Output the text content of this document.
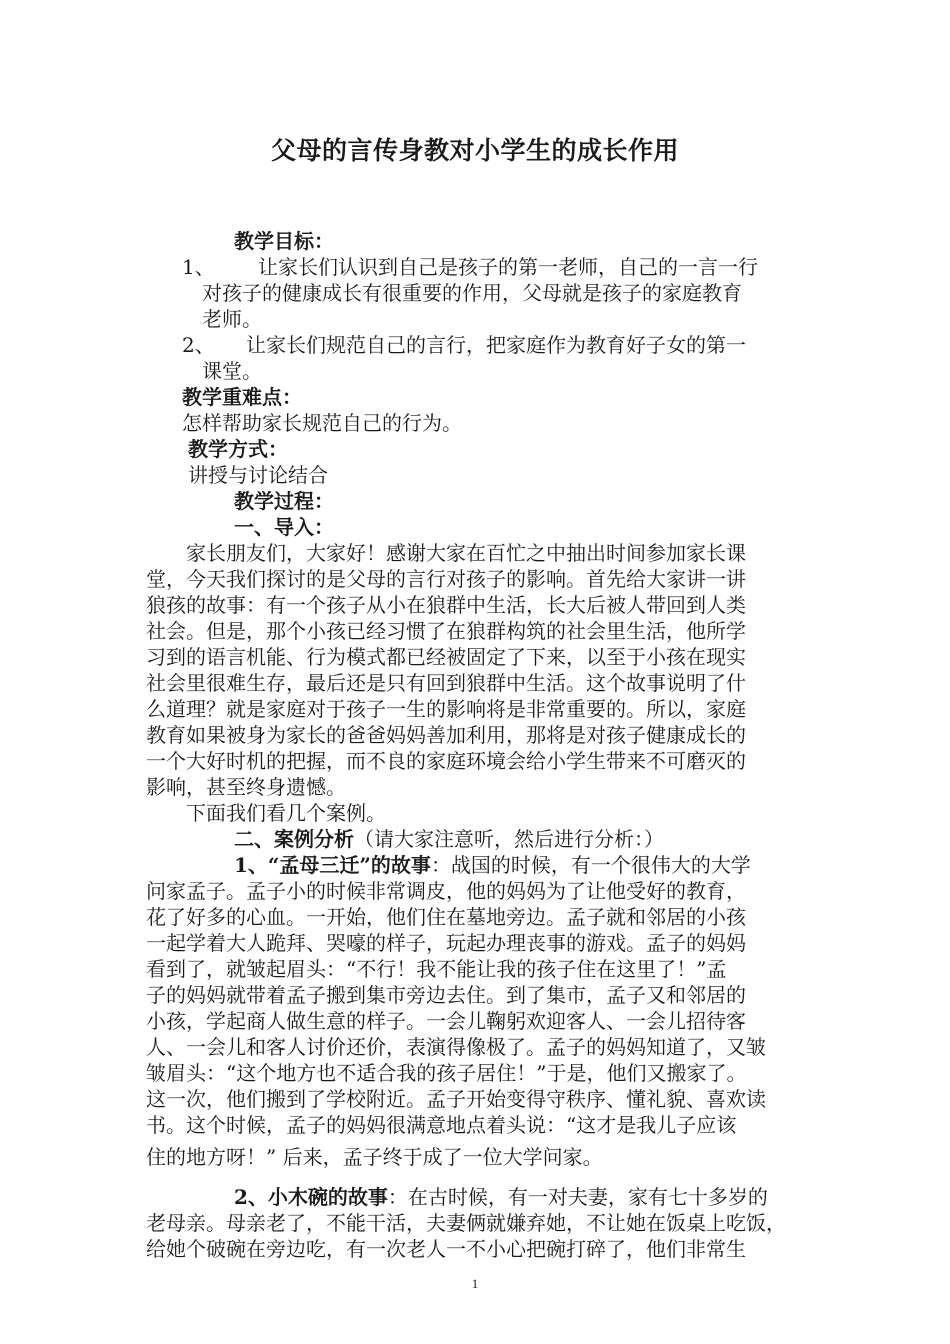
父母的言传身教对小学生的成长作用
教学目标：
1、 让家长们认识到自己是孩子的第一老师，自己的一言一行
对孩子的健康成长有很重要的作用，父母就是孩子的家庭教育
老师。
2、 让家长们规范自己的言行，把家庭作为教育好子女的第一
课堂。
教学重难点：
怎样帮助家长规范自己的行为。
教学方式：
讲授与讨论结合
教学过程：
一、导入：
家长朋友们，大家好！感谢大家在百忙之中抽出时间参加家长课
堂，今天我们探讨的是父母的言行对孩子的影响。首先给大家讲一讲
狼孩的故事：有一个孩子从小在狼群中生活，长大后被人带回到人类
社会。但是，那个小孩已经习惯了在狼群构筑的社会里生活，他所学
习到的语言机能、行为模式都已经被固定了下来，以至于小孩在现实
社会里很难生存，最后还是只有回到狼群中生活。这个故事说明了什
么道理？就是家庭对于孩子一生的影响将是非常重要的。所以，家庭
教育如果被身为家长的爸爸妈妈善加利用，那将是对孩子健康成长的
一个大好时机的把握，而不良的家庭环境会给小学生带来不可磨灭的
影响，甚至终身遗憾。
下面我们看几个案例。
二、案例分析（请大家注意听，然后进行分析：）
1、“孟母三迁”的故事：战国的时候，有一个很伟大的大学
问家孟子。孟子小的时候非常调皮，他的妈妈为了让他受好的教育，
花了好多的心血。一开始，他们住在墓地旁边。孟子就和邻居的小孩
一起学着大人跪拜、哭嚎的样子，玩起办理丧事的游戏。孟子的妈妈
看到了，就皱起眉头：“不行！我不能让我的孩子住在这里了！”孟
子的妈妈就带着孟子搬到集市旁边去住。到了集市，孟子又和邻居的
小孩，学起商人做生意的样子。一会儿鞠躬欢迎客人、一会儿招待客
人、一会儿和客人讨价还价，表演得像极了。孟子的妈妈知道了，又皱
皱眉头：“这个地方也不适合我的孩子居住！”于是，他们又搬家了。
这一次，他们搬到了学校附近。孟子开始变得守秩序、懂礼貌、喜欢读
书。这个时候，孟子的妈妈很满意地点着头说：“这才是我儿子应该
住的地方呀！” 后来，孟子终于成了一位大学问家。
2、小木碗的故事：在古时候，有一对夫妻，家有七十多岁的
老母亲。母亲老了，不能干活，夫妻俩就嫌弃她，不让她在饭桌上吃饭，
给她个破碗在旁边吃，有一次老人一不小心把碗打碎了，他们非常生
1
